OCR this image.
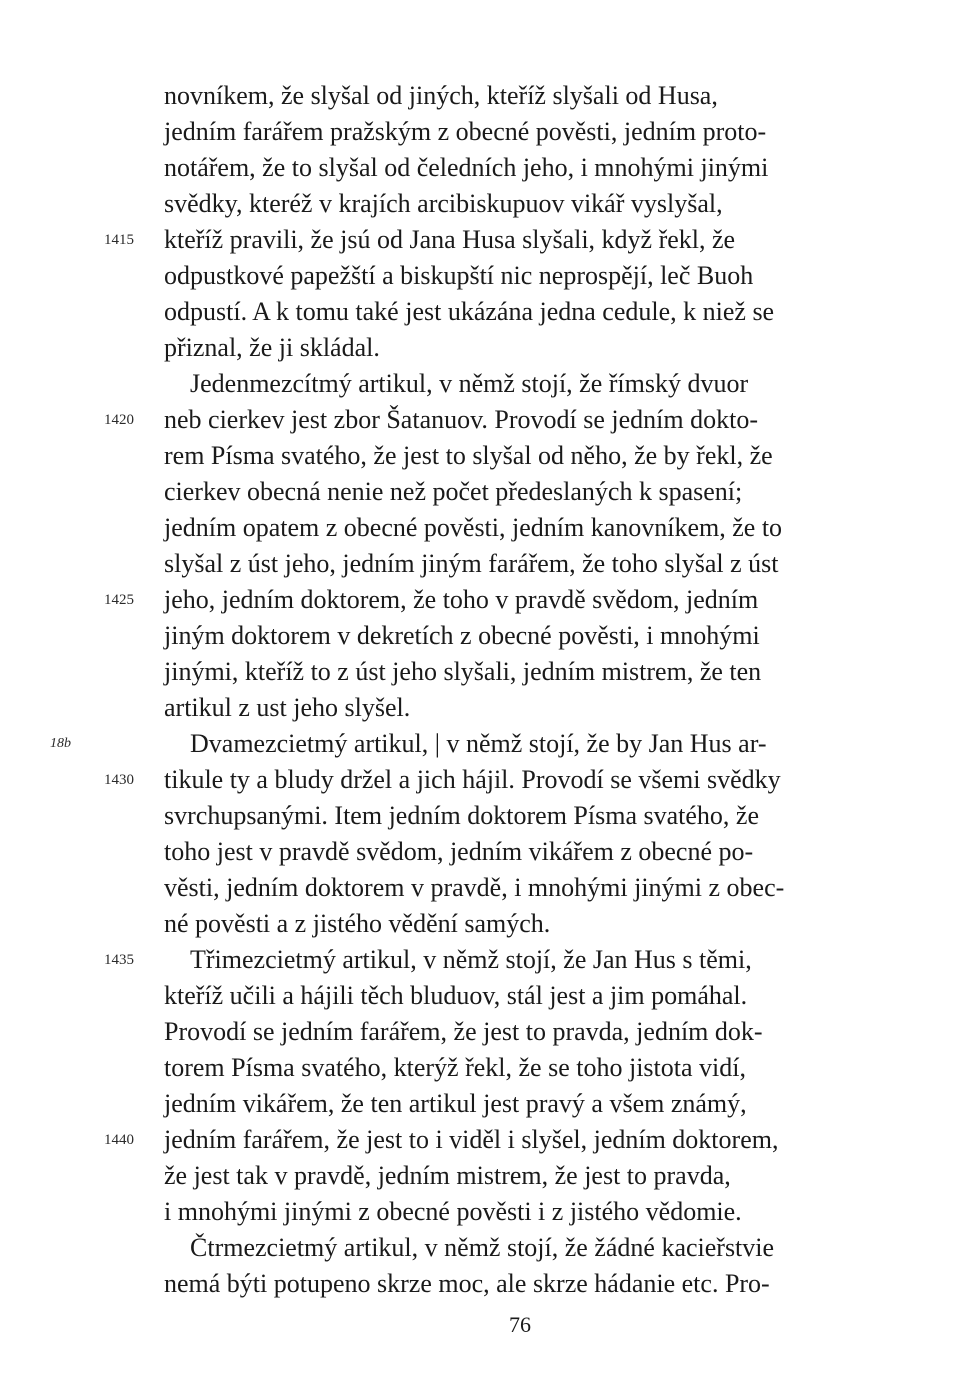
novníkem, že slyšal od jiných, kteříž slyšali od Husa,
jedním farářem pražským z obecné pověsti, jedním proto-
notářem, že to slyšal od čeledních jeho, i mnohými jinými
svědky, kteréž v krajích arcibiskupuov vikář vyslyšal,
kteříž pravili, že jsú od Jana Husa slyšali, když řekl, že
odpustkové papežští a biskupští nic neprospějí, leč Buoh
odpustí. A k tomu také jest ukázána jedna cedule, k niež se
přiznal, že ji skládal.
Jedenmezcítmý artikul, v němž stojí, že římský dvuor
neb cierkev jest zbor Šatanuov. Provodí se jedním dokto-
rem Písma svatého, že jest to slyšal od něho, že by řekl, že
cierkev obecná nenie než počet předeslaných k spasení;
jedním opatem z obecné pověsti, jedním kanovníkem, že to
slyšal z úst jeho, jedním jiným farářem, že toho slyšal z úst
jeho, jedním doktorem, že toho v pravdě svědom, jedním
jiným doktorem v dekretích z obecné pověsti, i mnohými
jinými, kteříž to z úst jeho slyšali, jedním mistrem, že ten
artikul z ust jeho slyšel.
Dvamezcietmý artikul, | v němž stojí, že by Jan Hus ar-
tikule ty a bludy držel a jich hájil. Provodí se všemi svědky
svrchupsanými. Item jedním doktorem Písma svatého, že
toho jest v pravdě svědom, jedním vikářem z obecné po-
věsti, jedním doktorem v pravdě, i mnohými jinými z obec-
né pověsti a z jistého vědění samých.
Třimezcietmý artikul, v němž stojí, že Jan Hus s těmi,
kteříž učili a hájili těch bluduov, stál jest a jim pomáhal.
Provodí se jedním farářem, že jest to pravda, jedním dok-
torem Písma svatého, kterýž řekl, že se toho jistota vidí,
jedním vikářem, že ten artikul jest pravý a všem známý,
jedním farářem, že jest to i viděl i slyšel, jedním doktorem,
že jest tak v pravdě, jedním mistrem, že jest to pravda,
i mnohými jinými z obecné pověsti i z jistého vědomie.
Čtrmezcietmý artikul, v němž stojí, že žádné kacieřstvie
nemá býti potupeno skrze moc, ale skrze hádanie etc. Pro-
1415
1420
1425
1430
1435
1440
18b
76
